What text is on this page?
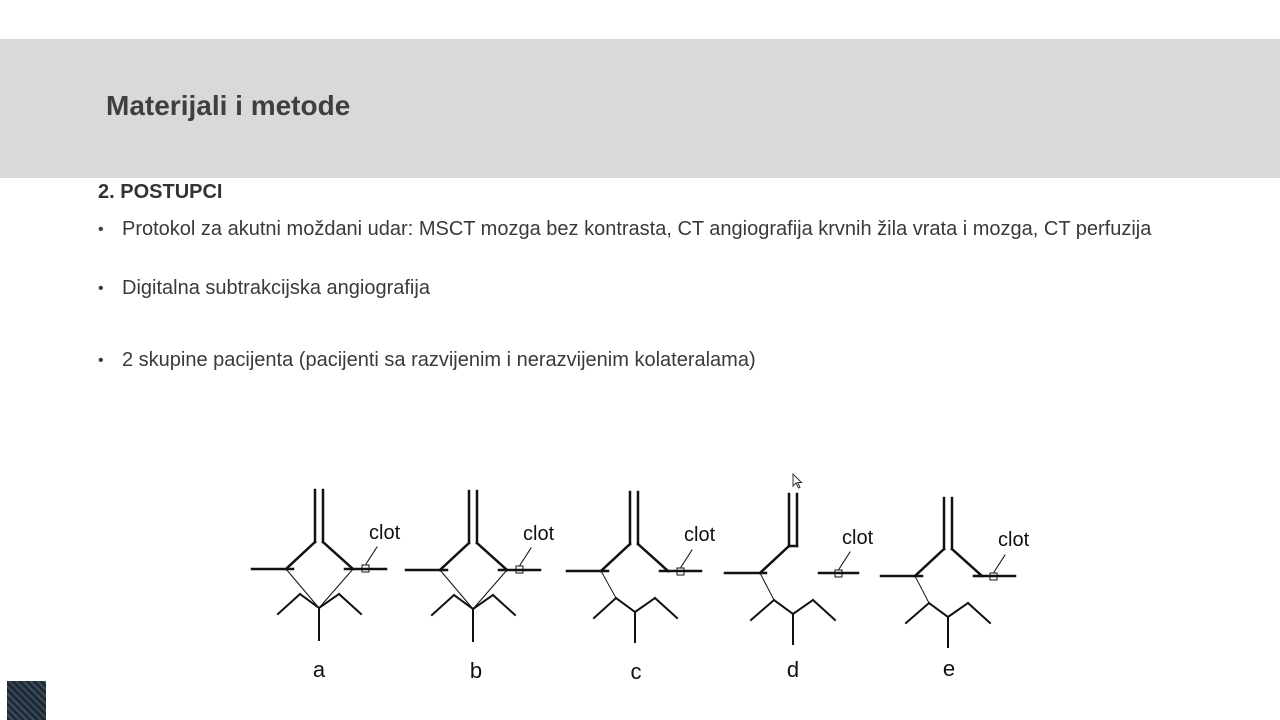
Materijali i metode
2. POSTUPCI
• Protokol za akutni moždani udar: MSCT mozga bez kontrasta, CT angiografija krvnih žila vrata i mozga, CT perfuzija
• Digitalna subtrakcijska angiografija
• 2 skupine pacijenta (pacijenti sa razvijenim i nerazvijenim kolateralama)
clot
a
clot
b
clot
c
clot
d
clot
e
